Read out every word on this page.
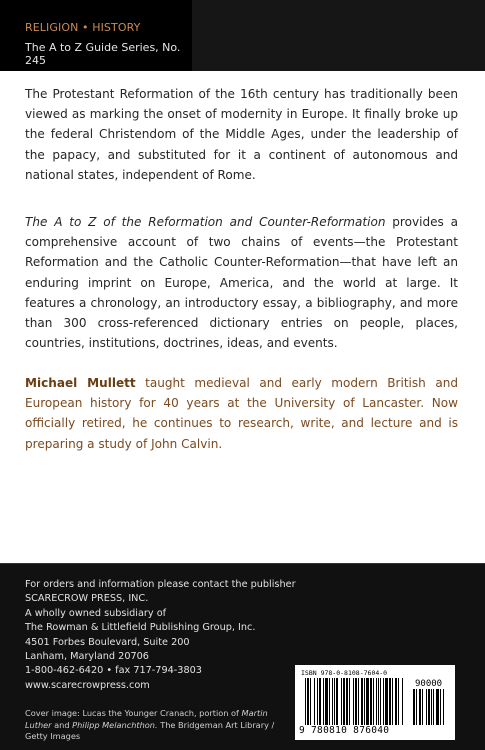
RELIGION • HISTORY
The A to Z Guide Series, No. 245

The Protestant Reformation of the 16th century has traditionally been viewed as marking the onset of modernity in Europe. It finally broke up the federal Christendom of the Middle Ages, under the leadership of the papacy, and substituted for it a continent of autonomous and national states, independent of Rome.

The A to Z of the Reformation and Counter-Reformation provides a comprehensive account of two chains of events—the Protestant Reformation and the Catholic Counter-Reformation—that have left an enduring imprint on Europe, America, and the world at large. It features a chronology, an introductory essay, a bibliography, and more than 300 cross-referenced dictionary entries on people, places, countries, institutions, doctrines, ideas, and events.

Michael Mullett taught medieval and early modern British and European history for 40 years at the University of Lancaster. Now officially retired, he continues to research, write, and lecture and is preparing a study of John Calvin.

For orders and information please contact the publisher
SCARECROW PRESS, INC.
A wholly owned subsidiary of
The Rowman & Littlefield Publishing Group, Inc.
4501 Forbes Boulevard, Suite 200
Lanham, Maryland 20706
1-800-462-6420 • fax 717-794-3803
www.scarecrowpress.com
Cover image: Lucas the Younger Cranach, portion of Martin Luther and Philipp Melanchthon. The Bridgeman Art Library / Getty Images
ISBN 978-0-8108-7604-0
90000
9 780810 876040
